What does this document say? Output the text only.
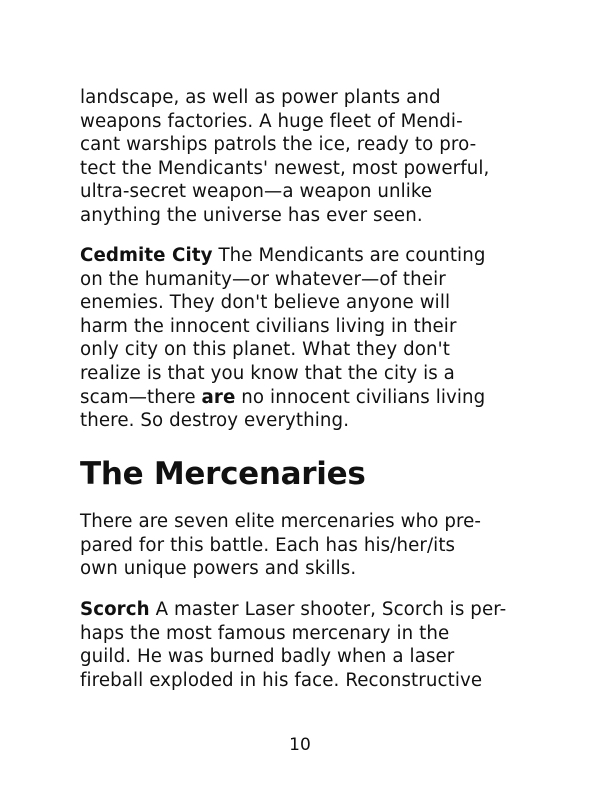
landscape, as well as power plants and
weapons factories. A huge fleet of Mendi-
cant warships patrols the ice, ready to pro-
tect the Mendicants' newest, most powerful,
ultra-secret weapon—a weapon unlike
anything the universe has ever seen.

Cedmite City The Mendicants are counting
on the humanity—or whatever—of their
enemies. They don't believe anyone will
harm the innocent civilians living in their
only city on this planet. What they don't
realize is that you know that the city is a
scam—there are no innocent civilians living
there. So destroy everything.

The Mercenaries

There are seven elite mercenaries who pre-
pared for this battle. Each has his/her/its
own unique powers and skills.

Scorch A master Laser shooter, Scorch is per-
haps the most famous mercenary in the
guild. He was burned badly when a laser
fireball exploded in his face. Reconstructive

10
